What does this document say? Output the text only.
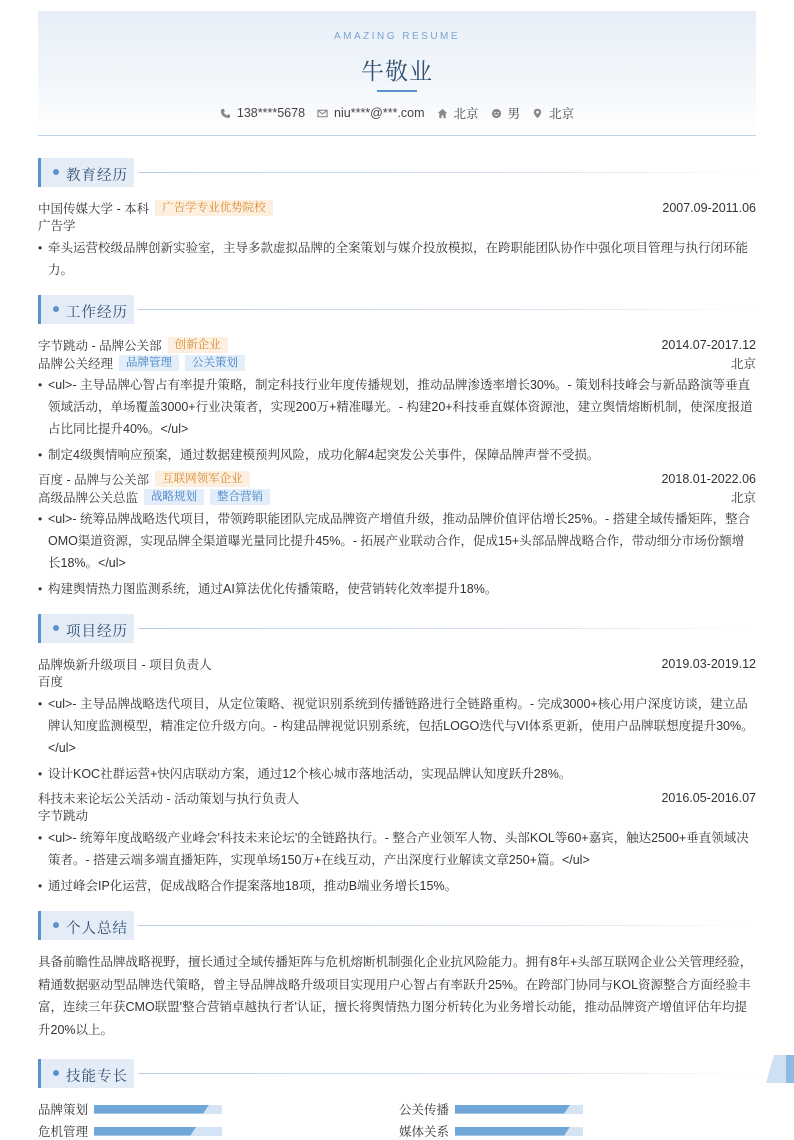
AMAZING RESUME
牛敬业
138****5678 niu****@***.com 北京 男 北京
教育经历
中国传媒大学 - 本科	广告学专业优势院校	2007.09-2011.06
广告学
• 牵头运营校级品牌创新实验室，主导多款虚拟品牌的全案策划与媒介投放模拟，在跨职能团队协作中强化项目管理与执行闭环能力。
工作经历
字节跳动 - 品牌公关部	创新企业	2014.07-2017.12
品牌公关经理	品牌管理	公关策划	北京
• <ul>- 主导品牌心智占有率提升策略，制定科技行业年度传播规划，推动品牌渗透率增长30%。- 策划科技峰会与新品路演等垂直领域活动，单场覆盖3000+行业决策者，实现200万+精准曝光。- 构建20+科技垂直媒体资源池，建立舆情熔断机制，使深度报道占比同比提升40%。</ul>
• 制定4级舆情响应预案，通过数据建模预判风险，成功化解4起突发公关事件，保障品牌声誉不受损。
百度 - 品牌与公关部	互联网领军企业	2018.01-2022.06
高级品牌公关总监	战略规划	整合营销	北京
• <ul>- 统筹品牌战略迭代项目，带领跨职能团队完成品牌资产增值升级，推动品牌价值评估增长25%。- 搭建全域传播矩阵，整合OMO渠道资源，实现品牌全渠道曝光量同比提升45%。- 拓展产业联动合作，促成15+头部品牌战略合作，带动细分市场份额增长18%。</ul>
• 构建舆情热力图监测系统，通过AI算法优化传播策略，使营销转化效率提升18%。
项目经历
品牌焕新升级项目 - 项目负责人	2019.03-2019.12
百度
• <ul>- 主导品牌战略迭代项目，从定位策略、视觉识别系统到传播链路进行全链路重构。- 完成3000+核心用户深度访谈，建立品牌认知度监测模型，精准定位升级方向。- 构建品牌视觉识别系统，包括LOGO迭代与VI体系更新，使用户品牌联想度提升30%。</ul>
• 设计KOC社群运营+快闪店联动方案，通过12个核心城市落地活动，实现品牌认知度跃升28%。
科技未来论坛公关活动 - 活动策划与执行负责人	2016.05-2016.07
字节跳动
• <ul>- 统筹年度战略级产业峰会'科技未来论坛'的全链路执行。- 整合产业领军人物、头部KOL等60+嘉宾，触达2500+垂直领域决策者。- 搭建云端多端直播矩阵，实现单场150万+在线互动，产出深度行业解读文章250+篇。</ul>
• 通过峰会IP化运营，促成战略合作提案落地18项，推动B端业务增长15%。
个人总结
具备前瞻性品牌战略视野，擅长通过全域传播矩阵与危机熔断机制强化企业抗风险能力。拥有8年+头部互联网企业公关管理经验，精通数据驱动型品牌迭代策略，曾主导品牌战略升级项目实现用户心智占有率跃升25%。在跨部门协同与KOL资源整合方面经验丰富，连续三年获CMO联盟'整合营销卓越执行者'认证，擅长将舆情热力图分析转化为业务增长动能，推动品牌资产增值评估年均提升20%以上。
技能专长
品牌策划	公关传播
危机管理	媒体关系
